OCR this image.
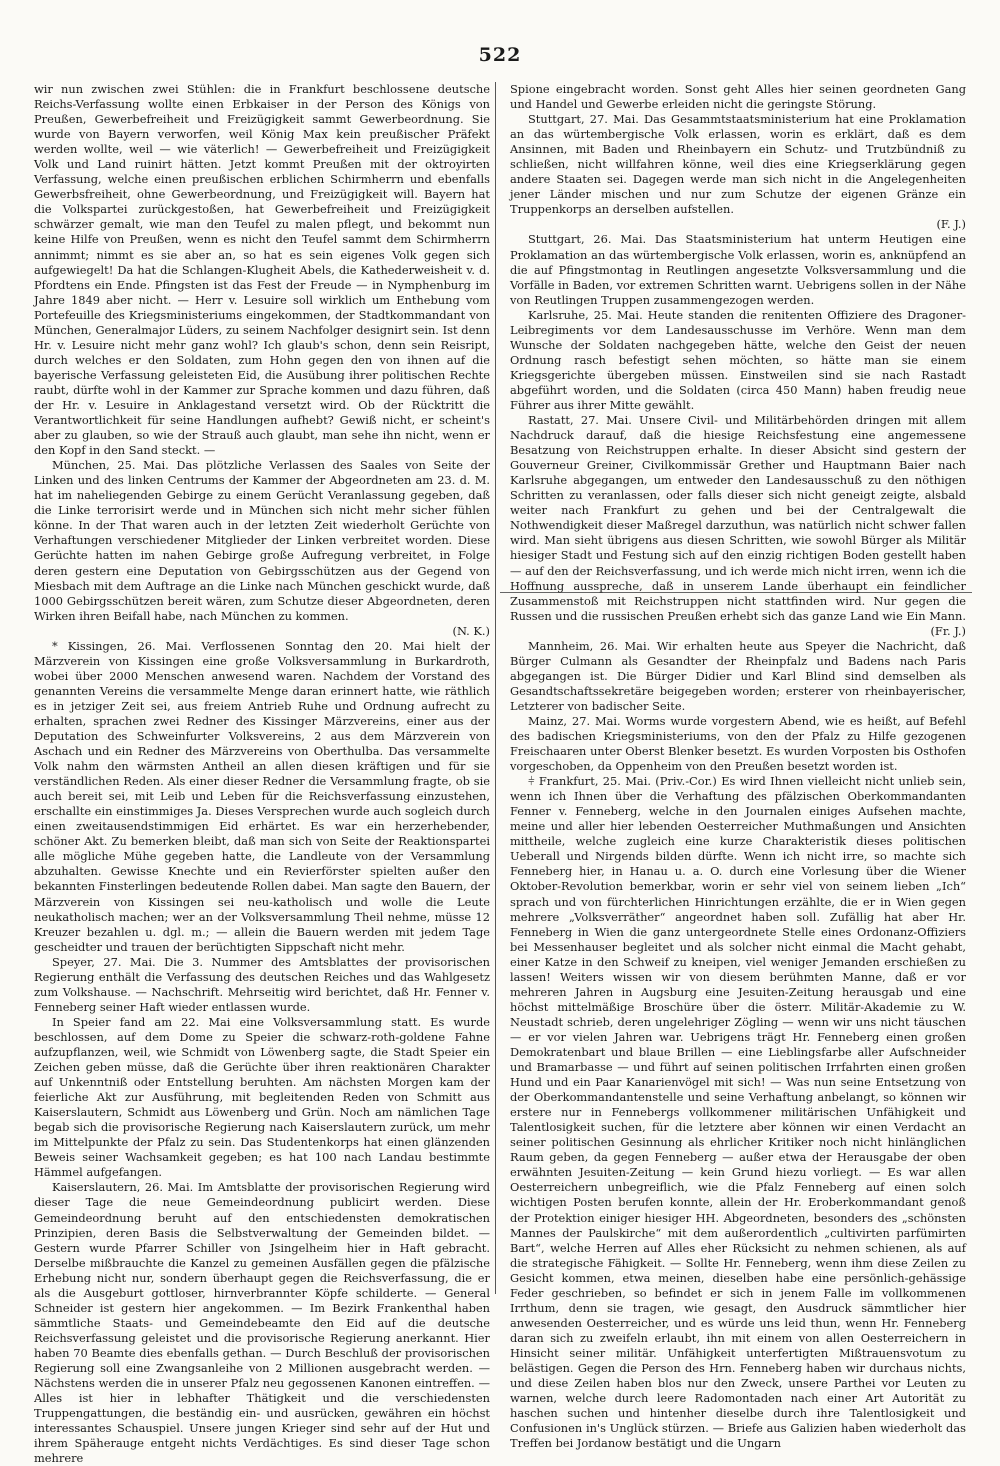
522

wir nun zwischen zwei Stühlen: die in Frankfurt beschlossene deutsche Reichs-Verfassung wollte einen Erbkaiser in der Person des Königs von Preußen, Gewerbefreiheit und Freizügigkeit sammt Gewerbeordnung. Sie wurde von Bayern verworfen, weil König Max kein preußischer Präfekt werden wollte, weil — wie väterlich! — Gewerbefreiheit und Freizügigkeit Volk und Land ruinirt hätten. Jetzt kommt Preußen mit der oktroyirten Verfassung, welche einen preußischen erblichen Schirmherrn und ebenfalls Gewerbsfreiheit, ohne Gewerbeordnung, und Freizügigkeit will. Bayern hat die Volkspartei zurückgestoßen, hat Gewerbefreiheit und Freizügigkeit schwärzer gemalt, wie man den Teufel zu malen pflegt, und bekommt nun keine Hilfe von Preußen, wenn es nicht den Teufel sammt dem Schirmherrn annimmt; nimmt es sie aber an, so hat es sein eigenes Volk gegen sich aufgewiegelt! Da hat die Schlangen-Klugheit Abels, die Kathederweisheit v. d. Pfordtens ein Ende. Pfingsten ist das Fest der Freude — in Nymphenburg im Jahre 1849 aber nicht. — Herr v. Lesuire soll wirklich um Enthebung vom Portefeuille des Kriegsministeriums eingekommen, der Stadtkommandant von München, Generalmajor Lüders, zu seinem Nachfolger designirt sein. Ist denn Hr. v. Lesuire nicht mehr ganz wohl? Ich glaub's schon, denn sein Reisript, durch welches er den Soldaten, zum Hohn gegen den von ihnen auf die bayerische Verfassung geleisteten Eid, die Ausübung ihrer politischen Rechte raubt, dürfte wohl in der Kammer zur Sprache kommen und dazu führen, daß der Hr. v. Lesuire in Anklagestand versetzt wird. Ob der Rücktritt die Verantwortlichkeit für seine Handlungen aufhebt? Gewiß nicht, er scheint's aber zu glauben, so wie der Strauß auch glaubt, man sehe ihn nicht, wenn er den Kopf in den Sand steckt. —

München, 25. Mai. Das plötzliche Verlassen des Saales von Seite der Linken und des linken Centrums der Kammer der Abgeordneten am 23. d. M. hat im naheliegenden Gebirge zu einem Gerücht Veranlassung gegeben, daß die Linke terrorisirt werde und in München sich nicht mehr sicher fühlen könne. In der That waren auch in der letzten Zeit wiederholt Gerüchte von Verhaftungen verschiedener Mitglieder der Linken verbreitet worden. Diese Gerüchte hatten im nahen Gebirge große Aufregung verbreitet, in Folge deren gestern eine Deputation von Gebirgsschützen aus der Gegend von Miesbach mit dem Auftrage an die Linke nach München geschickt wurde, daß 1000 Gebirgsschützen bereit wären, zum Schutze dieser Abgeordneten, deren Wirken ihren Beifall habe, nach München zu kommen.
(N. K.)

* Kissingen, 26. Mai. Verflossenen Sonntag den 20. Mai hielt der Märzverein von Kissingen eine große Volksversammlung in Burkardroth, wobei über 2000 Menschen anwesend waren. Nachdem der Vorstand des genannten Vereins die versammelte Menge daran erinnert hatte, wie räthlich es in jetziger Zeit sei, aus freiem Antrieb Ruhe und Ordnung aufrecht zu erhalten, sprachen zwei Redner des Kissinger Märzvereins, einer aus der Deputation des Schweinfurter Volksvereins, 2 aus dem Märzverein von Aschach und ein Redner des Märzvereins von Oberthulba. Das versammelte Volk nahm den wärmsten Antheil an allen diesen kräftigen und für sie verständlichen Reden. Als einer dieser Redner die Versammlung fragte, ob sie auch bereit sei, mit Leib und Leben für die Reichsverfassung einzustehen, erschallte ein einstimmiges Ja. Dieses Versprechen wurde auch sogleich durch einen zweitausendstimmigen Eid erhärtet. Es war ein herzerhebender, schöner Akt. Zu bemerken bleibt, daß man sich von Seite der Reaktionspartei alle mögliche Mühe gegeben hatte, die Landleute von der Versammlung abzuhalten. Gewisse Knechte und ein Revierförster spielten außer den bekannten Finsterlingen bedeutende Rollen dabei. Man sagte den Bauern, der Märzverein von Kissingen sei neu-katholisch und wolle die Leute neukatholisch machen; wer an der Volksversammlung Theil nehme, müsse 12 Kreuzer bezahlen u. dgl. m.; — allein die Bauern werden mit jedem Tage gescheidter und trauen der berüchtigten Sippschaft nicht mehr.

Speyer, 27. Mai. Die 3. Nummer des Amtsblattes der provisorischen Regierung enthält die Verfassung des deutschen Reiches und das Wahlgesetz zum Volkshause. — Nachschrift. Mehrseitig wird berichtet, daß Hr. Fenner v. Fenneberg seiner Haft wieder entlassen wurde.

In Speier fand am 22. Mai eine Volksversammlung statt. Es wurde beschlossen, auf dem Dome zu Speier die schwarz-roth-goldene Fahne aufzupflanzen, weil, wie Schmidt von Löwenberg sagte, die Stadt Speier ein Zeichen geben müsse, daß die Gerüchte über ihren reaktionären Charakter auf Unkenntniß oder Entstellung beruhten. Am nächsten Morgen kam der feierliche Akt zur Ausführung, mit begleitenden Reden von Schmitt aus Kaiserslautern, Schmidt aus Löwenberg und Grün. Noch am nämlichen Tage begab sich die provisorische Regierung nach Kaiserslautern zurück, um mehr im Mittelpunkte der Pfalz zu sein. Das Studentenkorps hat einen glänzenden Beweis seiner Wachsamkeit gegeben; es hat 100 nach Landau bestimmte Hämmel aufgefangen.

Kaiserslautern, 26. Mai. Im Amtsblatte der provisorischen Regierung wird dieser Tage die neue Gemeindeordnung publicirt werden. Diese Gemeindeordnung beruht auf den entschiedensten demokratischen Prinzipien, deren Basis die Selbstverwaltung der Gemeinden bildet. — Gestern wurde Pfarrer Schiller von Jsingelheim hier in Haft gebracht. Derselbe mißbrauchte die Kanzel zu gemeinen Ausfällen gegen die pfälzische Erhebung nicht nur, sondern überhaupt gegen die Reichsverfassung, die er als die Ausgeburt gottloser, hirnverbrannter Köpfe schilderte. — General Schneider ist gestern hier angekommen. — Im Bezirk Frankenthal haben sämmtliche Staats- und Gemeindebeamte den Eid auf die deutsche Reichsverfassung geleistet und die provisorische Regierung anerkannt. Hier haben 70 Beamte dies ebenfalls gethan. — Durch Beschluß der provisorischen Regierung soll eine Zwangsanleihe von 2 Millionen ausgebracht werden. — Nächstens werden die in unserer Pfalz neu gegossenen Kanonen eintreffen. — Alles ist hier in lebhafter Thätigkeit und die verschiedensten Truppengattungen, die beständig ein- und ausrücken, gewähren ein höchst interessantes Schauspiel. Unsere jungen Krieger sind sehr auf der Hut und ihrem Späherauge entgeht nichts Verdächtiges. Es sind dieser Tage schon mehrere

Spione eingebracht worden. Sonst geht Alles hier seinen geordneten Gang und Handel und Gewerbe erleiden nicht die geringste Störung.

Stuttgart, 27. Mai. Das Gesammtstaatsministerium hat eine Proklamation an das würtembergische Volk erlassen, worin es erklärt, daß es dem Ansinnen, mit Baden und Rheinbayern ein Schutz- und Trutzbündniß zu schließen, nicht willfahren könne, weil dies eine Kriegserklärung gegen andere Staaten sei. Dagegen werde man sich nicht in die Angelegenheiten jener Länder mischen und nur zum Schutze der eigenen Gränze ein Truppenkorps an derselben aufstellen.
(F. J.)

Stuttgart, 26. Mai. Das Staatsministerium hat unterm Heutigen eine Proklamation an das würtembergische Volk erlassen, worin es, anknüpfend an die auf Pfingstmontag in Reutlingen angesetzte Volksversammlung und die Vorfälle in Baden, vor extremen Schritten warnt. Uebrigens sollen in der Nähe von Reutlingen Truppen zusammengezogen werden.

Karlsruhe, 25. Mai. Heute standen die renitenten Offiziere des Dragoner-Leibregiments vor dem Landesausschusse im Verhöre. Wenn man dem Wunsche der Soldaten nachgegeben hätte, welche den Geist der neuen Ordnung rasch befestigt sehen möchten, so hätte man sie einem Kriegsgerichte übergeben müssen. Einstweilen sind sie nach Rastadt abgeführt worden, und die Soldaten (circa 450 Mann) haben freudig neue Führer aus ihrer Mitte gewählt.

Rastatt, 27. Mai. Unsere Civil- und Militärbehörden dringen mit allem Nachdruck darauf, daß die hiesige Reichsfestung eine angemessene Besatzung von Reichstruppen erhalte. In dieser Absicht sind gestern der Gouverneur Greiner, Civilkommissär Grether und Hauptmann Baier nach Karlsruhe abgegangen, um entweder den Landesausschuß zu den nöthigen Schritten zu veranlassen, oder falls dieser sich nicht geneigt zeigte, alsbald weiter nach Frankfurt zu gehen und bei der Centralgewalt die Nothwendigkeit dieser Maßregel darzuthun, was natürlich nicht schwer fallen wird. Man sieht übrigens aus diesen Schritten, wie sowohl Bürger als Militär hiesiger Stadt und Festung sich auf den einzig richtigen Boden gestellt haben — auf den der Reichsverfassung, und ich werde mich nicht irren, wenn ich die Hoffnung ausspreche, daß in unserem Lande überhaupt ein feindlicher Zusammenstoß mit Reichstruppen nicht stattfinden wird. Nur gegen die Russen und die russischen Preußen erhebt sich das ganze Land wie Ein Mann.
(Fr. J.)

Mannheim, 26. Mai. Wir erhalten heute aus Speyer die Nachricht, daß Bürger Culmann als Gesandter der Rheinpfalz und Badens nach Paris abgegangen ist. Die Bürger Didier und Karl Blind sind demselben als Gesandtschaftssekretäre beigegeben worden; ersterer von rheinbayerischer, Letzterer von badischer Seite.

Mainz, 27. Mai. Worms wurde vorgestern Abend, wie es heißt, auf Befehl des badischen Kriegsministeriums, von den der Pfalz zu Hilfe gezogenen Freischaaren unter Oberst Blenker besetzt. Es wurden Vorposten bis Osthofen vorgeschoben, da Oppenheim von den Preußen besetzt worden ist.

⫩ Frankfurt, 25. Mai. (Priv.-Cor.) Es wird Ihnen vielleicht nicht unlieb sein, wenn ich Ihnen über die Verhaftung des pfälzischen Oberkommandanten Fenner v. Fenneberg, welche in den Journalen einiges Aufsehen machte, meine und aller hier lebenden Oesterreicher Muthmaßungen und Ansichten mittheile, welche zugleich eine kurze Charakteristik dieses politischen Ueberall und Nirgends bilden dürfte. Wenn ich nicht irre, so machte sich Fenneberg hier, in Hanau u. a. O. durch eine Vorlesung über die Wiener Oktober-Revolution bemerkbar, worin er sehr viel von seinem lieben „Ich“ sprach und von fürchterlichen Hinrichtungen erzählte, die er in Wien gegen mehrere „Volksverräther“ angeordnet haben soll. Zufällig hat aber Hr. Fenneberg in Wien die ganz untergeordnete Stelle eines Ordonanz-Offiziers bei Messenhauser begleitet und als solcher nicht einmal die Macht gehabt, einer Katze in den Schweif zu kneipen, viel weniger Jemanden erschießen zu lassen! Weiters wissen wir von diesem berühmten Manne, daß er vor mehreren Jahren in Augsburg eine Jesuiten-Zeitung herausgab und eine höchst mittelmäßige Broschüre über die österr. Militär-Akademie zu W. Neustadt schrieb, deren ungelehriger Zögling — wenn wir uns nicht täuschen — er vor vielen Jahren war. Uebrigens trägt Hr. Fenneberg einen großen Demokratenbart und blaue Brillen — eine Lieblingsfarbe aller Aufschneider und Bramarbasse — und führt auf seinen politischen Irrfahrten einen großen Hund und ein Paar Kanarienvögel mit sich! — Was nun seine Entsetzung von der Oberkommandantenstelle und seine Verhaftung anbelangt, so können wir erstere nur in Fennebergs vollkommener militärischen Unfähigkeit und Talentlosigkeit suchen, für die letztere aber können wir einen Verdacht an seiner politischen Gesinnung als ehrlicher Kritiker noch nicht hinlänglichen Raum geben, da gegen Fenneberg — außer etwa der Herausgabe der oben erwähnten Jesuiten-Zeitung — kein Grund hiezu vorliegt. — Es war allen Oesterreichern unbegreiflich, wie die Pfalz Fenneberg auf einen solch wichtigen Posten berufen konnte, allein der Hr. Eroberkommandant genoß der Protektion einiger hiesiger HH. Abgeordneten, besonders des „schönsten Mannes der Paulskirche“ mit dem außerordentlich „cultivirten parfümirten Bart“, welche Herren auf Alles eher Rücksicht zu nehmen schienen, als auf die strategische Fähigkeit. — Sollte Hr. Fenneberg, wenn ihm diese Zeilen zu Gesicht kommen, etwa meinen, dieselben habe eine persönlich-gehässige Feder geschrieben, so befindet er sich in jenem Falle im vollkommenen Irrthum, denn sie tragen, wie gesagt, den Ausdruck sämmtlicher hier anwesenden Oesterreicher, und es würde uns leid thun, wenn Hr. Fenneberg daran sich zu zweifeln erlaubt, ihn mit einem von allen Oesterreichern in Hinsicht seiner militär. Unfähigkeit unterfertigten Mißtrauensvotum zu belästigen. Gegen die Person des Hrn. Fenneberg haben wir durchaus nichts, und diese Zeilen haben blos nur den Zweck, unsere Parthei vor Leuten zu warnen, welche durch leere Radomontaden nach einer Art Autorität zu haschen suchen und hintenher dieselbe durch ihre Talentlosigkeit und Confusionen in's Unglück stürzen. — Briefe aus Galizien haben wiederholt das Treffen bei Jordanow bestätigt und die Ungarn
